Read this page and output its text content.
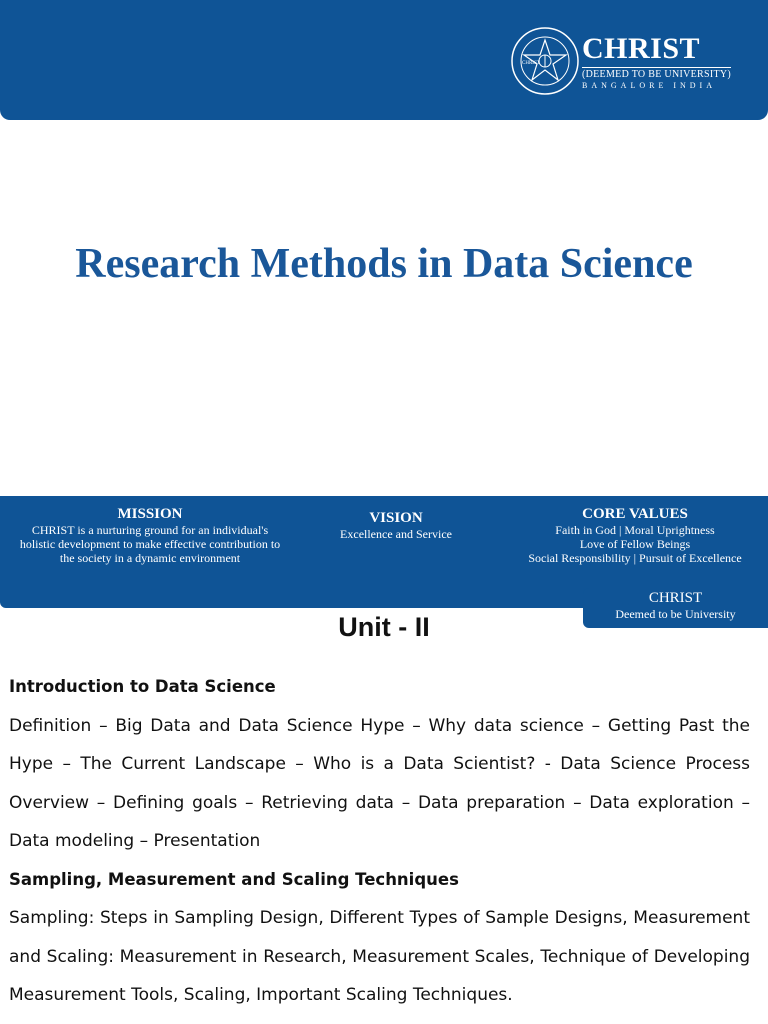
CHRIST CHRIST
(DEEMED TO BE UNIVERSITY)
BANGALORE INDIA
Research Methods in Data Science
MISSION
CHRIST is a nurturing ground for an individual's
holistic development to make effective contribution to
the society in a dynamic environment
VISION
Excellence and Service
CORE VALUES
Faith in God | Moral Uprightness
Love of Fellow Beings
Social Responsibility | Pursuit of Excellence
CHRIST
Deemed to be University
Unit - II
Introduction to Data Science
Definition – Big Data and Data Science Hype – Why data science – Getting Past the Hype – The Current Landscape – Who is a Data Scientist? - Data Science Process Overview – Defining goals – Retrieving data – Data preparation – Data exploration – Data modeling – Presentation
Sampling, Measurement and Scaling Techniques
Sampling: Steps in Sampling Design, Different Types of Sample Designs, Measurement and Scaling: Measurement in Research, Measurement Scales, Technique of Developing Measurement Tools, Scaling, Important Scaling Techniques.
